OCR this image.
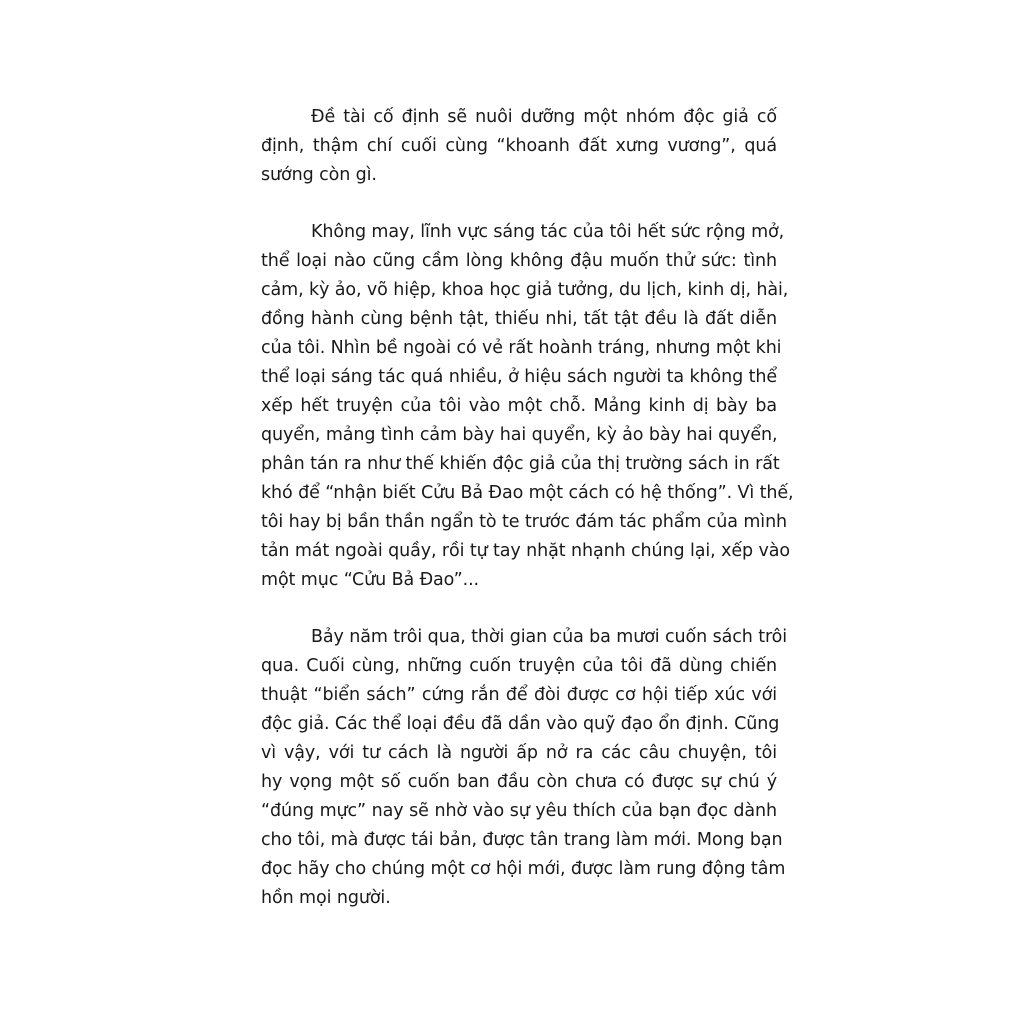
Đề tài cố định sẽ nuôi dưỡng một nhóm độc giả cố
định, thậm chí cuối cùng “khoanh đất xưng vương”, quá
sướng còn gì.
Không may, lĩnh vực sáng tác của tôi hết sức rộng mở,
thể loại nào cũng cầm lòng không đậu muốn thử sức: tình
cảm, kỳ ảo, võ hiệp, khoa học giả tưởng, du lịch, kinh dị, hài,
đồng hành cùng bệnh tật, thiếu nhi, tất tật đều là đất diễn
của tôi. Nhìn bề ngoài có vẻ rất hoành tráng, nhưng một khi
thể loại sáng tác quá nhiều, ở hiệu sách người ta không thể
xếp hết truyện của tôi vào một chỗ. Mảng kinh dị bày ba
quyển, mảng tình cảm bày hai quyển, kỳ ảo bày hai quyển,
phân tán ra như thế khiến độc giả của thị trường sách in rất
khó để “nhận biết Cửu Bả Đao một cách có hệ thống”. Vì thế,
tôi hay bị bần thần ngẩn tò te trước đám tác phẩm của mình
tản mát ngoài quầy, rồi tự tay nhặt nhạnh chúng lại, xếp vào
một mục “Cửu Bả Đao”...
Bảy năm trôi qua, thời gian của ba mươi cuốn sách trôi
qua. Cuối cùng, những cuốn truyện của tôi đã dùng chiến
thuật “biển sách” cứng rắn để đòi được cơ hội tiếp xúc với
độc giả. Các thể loại đều đã dần vào quỹ đạo ổn định. Cũng
vì vậy, với tư cách là người ấp nở ra các câu chuyện, tôi
hy vọng một số cuốn ban đầu còn chưa có được sự chú ý
“đúng mực” nay sẽ nhờ vào sự yêu thích của bạn đọc dành
cho tôi, mà được tái bản, được tân trang làm mới. Mong bạn
đọc hãy cho chúng một cơ hội mới, được làm rung động tâm
hồn mọi người.
